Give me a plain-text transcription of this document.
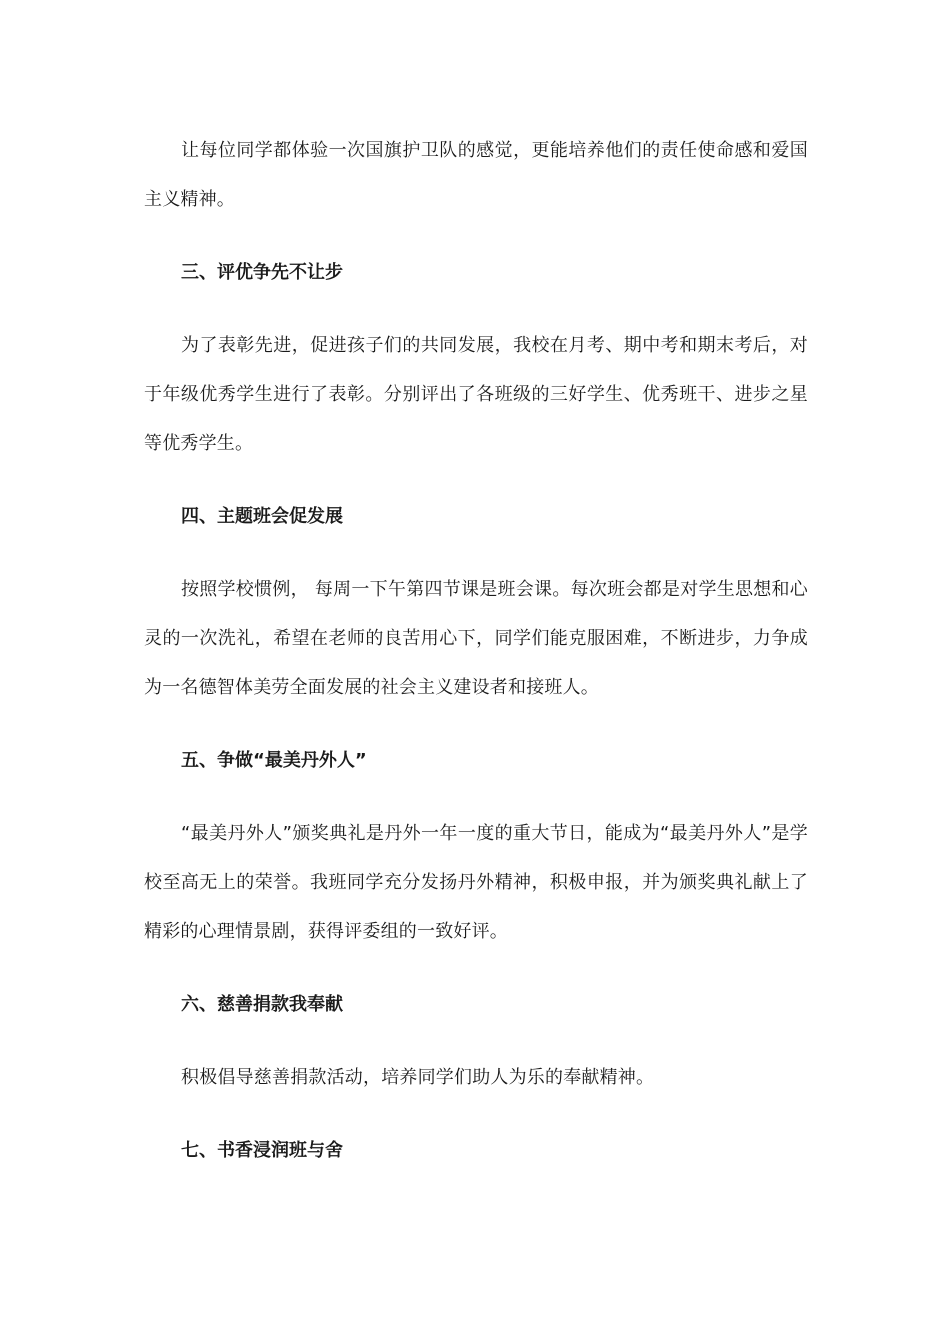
让每位同学都体验一次国旗护卫队的感觉，更能培养他们的责任使命感和爱国主义精神。

三、评优争先不让步

为了表彰先进，促进孩子们的共同发展，我校在月考、期中考和期末考后，对于年级优秀学生进行了表彰。分别评出了各班级的三好学生、优秀班干、进步之星等优秀学生。

四、主题班会促发展

按照学校惯例， 每周一下午第四节课是班会课。每次班会都是对学生思想和心灵的一次洗礼，希望在老师的良苦用心下，同学们能克服困难，不断进步，力争成为一名德智体美劳全面发展的社会主义建设者和接班人。

五、争做“最美丹外人”

“最美丹外人”颁奖典礼是丹外一年一度的重大节日，能成为“最美丹外人”是学校至高无上的荣誉。我班同学充分发扬丹外精神，积极申报，并为颁奖典礼献上了精彩的心理情景剧，获得评委组的一致好评。

六、慈善捐款我奉献

积极倡导慈善捐款活动，培养同学们助人为乐的奉献精神。

七、书香浸润班与舍
